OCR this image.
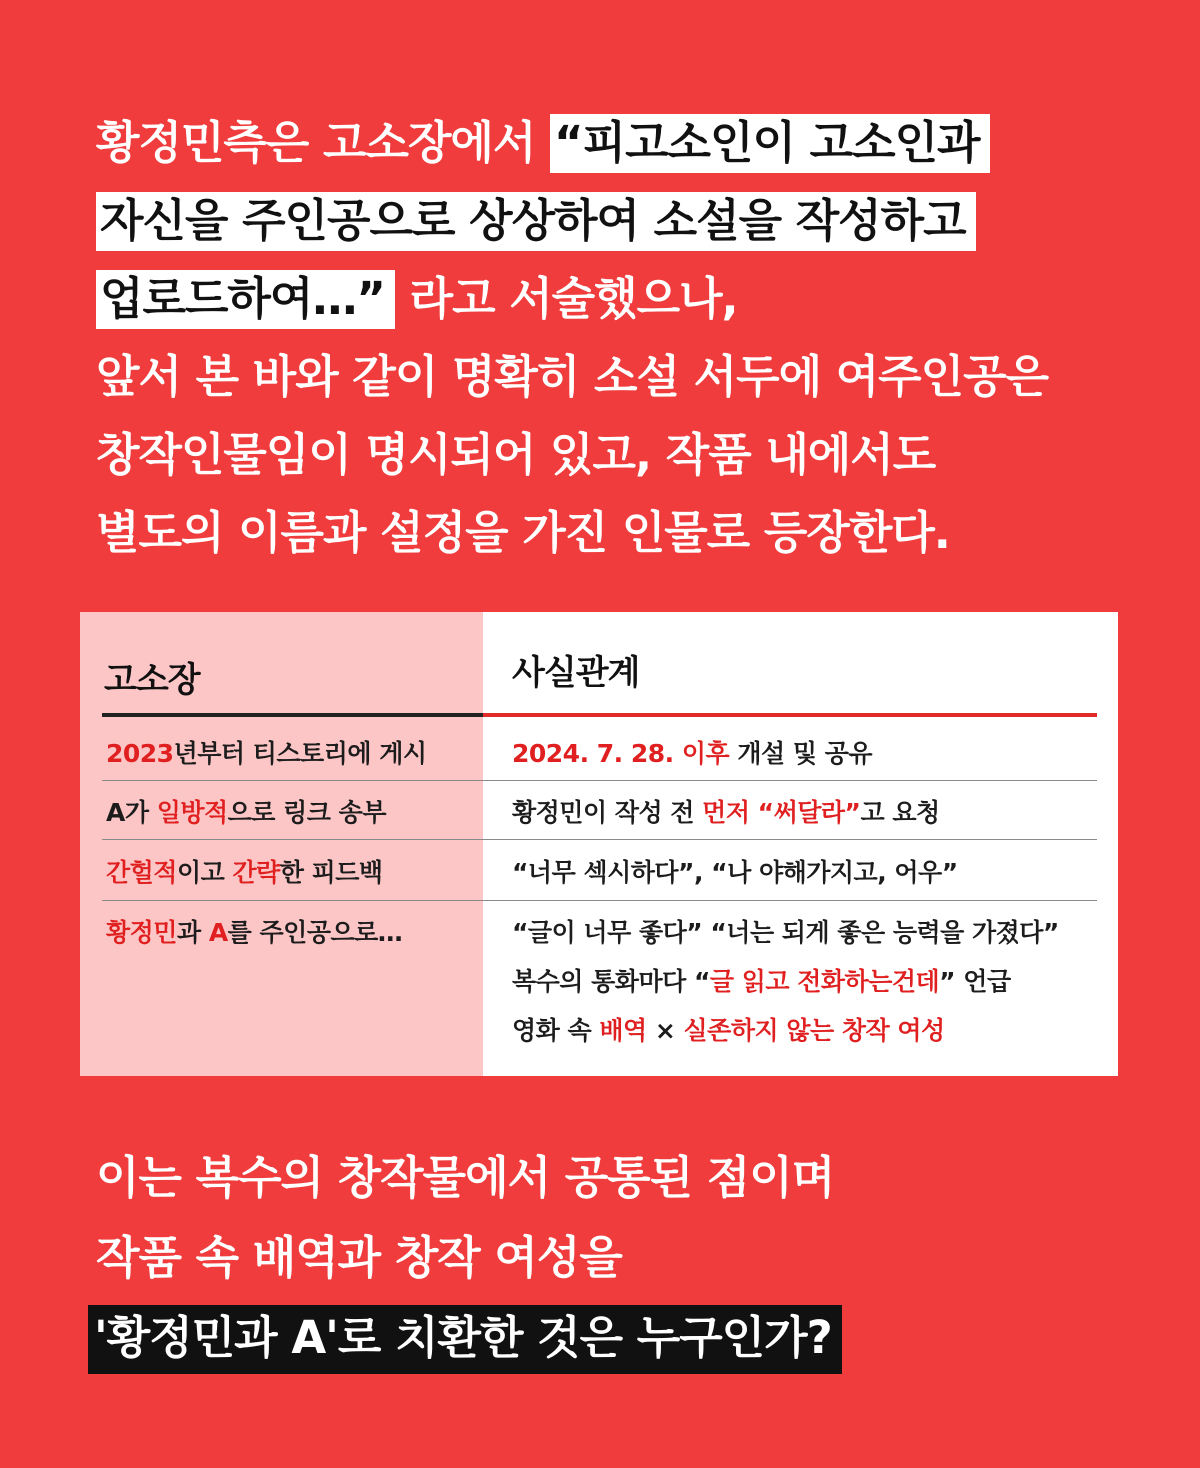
황정민측은 고소장에서 “피고소인이 고소인과
자신을 주인공으로 상상하여 소설을 작성하고
업로드하여…” 라고 서술했으나,
앞서 본 바와 같이 명확히 소설 서두에 여주인공은
창작인물임이 명시되어 있고, 작품 내에서도
별도의 이름과 설정을 가진 인물로 등장한다.
고소장	사실관계
2023년부터 티스토리에 게시
A가 일방적으로 링크 송부
간헐적이고 간략한 피드백
황정민과 A를 주인공으로…
2024. 7. 28. 이후 개설 및 공유
황정민이 작성 전 먼저 “써달라”고 요청
“너무 섹시하다”, “나 야해가지고, 어우”
“글이 너무 좋다” “너는 되게 좋은 능력을 가졌다”
복수의 통화마다 “글 읽고 전화하는건데” 언급
영화 속 배역 × 실존하지 않는 창작 여성
이는 복수의 창작물에서 공통된 점이며
작품 속 배역과 창작 여성을
'황정민과 A'로 치환한 것은 누구인가?
